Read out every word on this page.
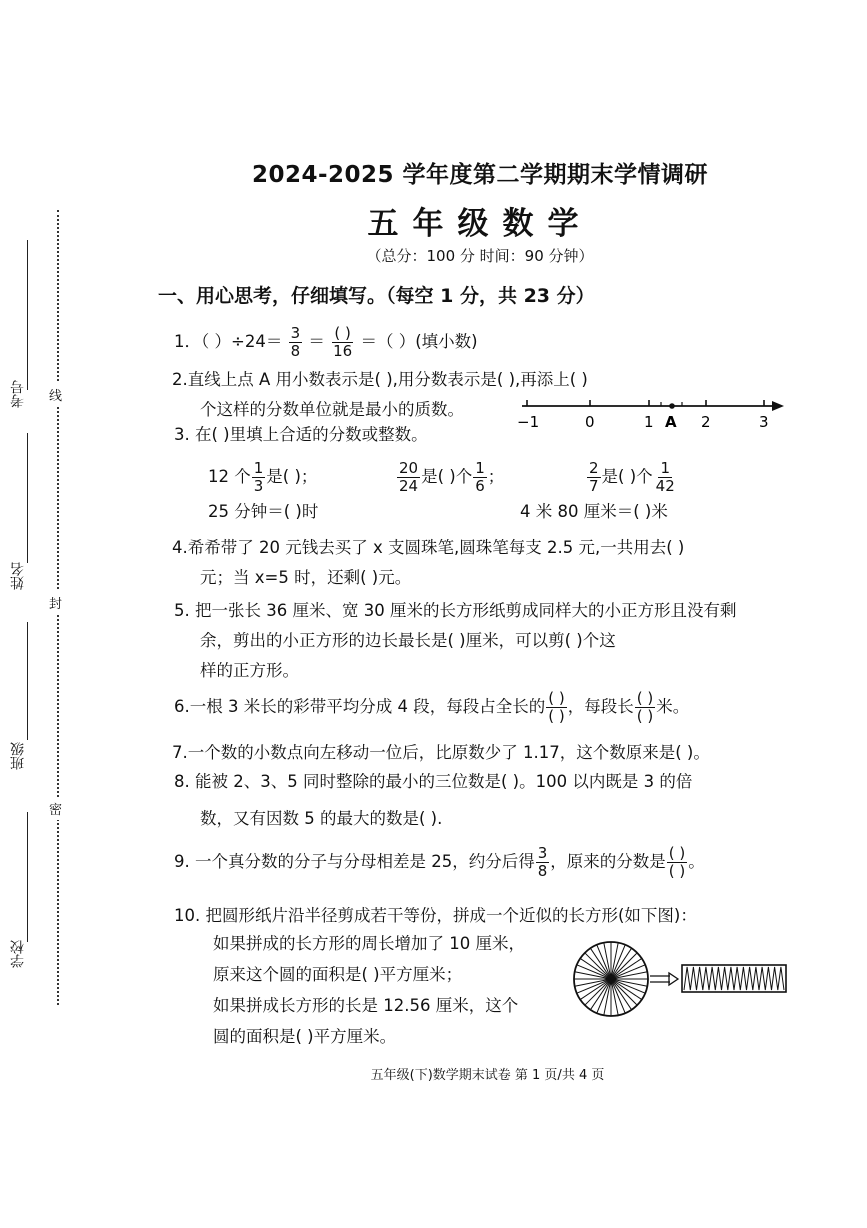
考号
姓名
班级
学校
线
封
密
2024-2025 学年度第二学期期末学情调研
五年级数学
（总分：100 分 时间：90 分钟）
一、用心思考，仔细填写。（每空 1 分，共 23 分）
1．（ ）$\div 24= \frac{3}{8} = \frac{( )}{16}$ ＝（ ）(填小数)
2.直线上点 A 用小数表示是( ),用分数表示是( ),再添上( )
个这样的分数单位就是最小的质数。
−1	0	1 A 2	3
3. 在( )里填上合适的分数或整数。
12 个 $\frac{1}{3}$ 是( )；	$\frac{20}{24}$ 是( )个 $\frac{1}{6}$ ；	$\frac{2}{7}$ 是( )个 $\frac{1}{42}$
25 分钟＝( )时	4 米 80 厘米＝( )米
4.希希带了 20 元钱去买了 x 支圆珠笔,圆珠笔每支 2.5 元,一共用去( )
元；当 x=5 时，还剩( )元。
5. 把一张长 36 厘米、宽 30 厘米的长方形纸剪成同样大的小正方形且没有剩
余，剪出的小正方形的边长最长是( )厘米，可以剪( )个这
样的正方形。
6.一根 3 米长的彩带平均分成 4 段，每段占全长的 $\frac{( )}{( )}$ ，每段长 $\frac{( )}{( )}$ 米。
7.一个数的小数点向左移动一位后，比原数少了 1.17，这个数原来是( )。
8. 能被 2、3、5 同时整除的最小的三位数是( )。100 以内既是 3 的倍
数，又有因数 5 的最大的数是( ).
9. 一个真分数的分子与分母相差是 25，约分后得 $\frac{3}{8}$ ，原来的分数是 $\frac{( )}{( )}$ 。
10. 把圆形纸片沿半径剪成若干等份，拼成一个近似的长方形(如下图)：
如果拼成的长方形的周长增加了 10 厘米，
原来这个圆的面积是( )平方厘米；
如果拼成长方形的长是 12.56 厘米，这个
圆的面积是( )平方厘米。
五年级(下)数学期末试卷 第 1 页/共 4 页
